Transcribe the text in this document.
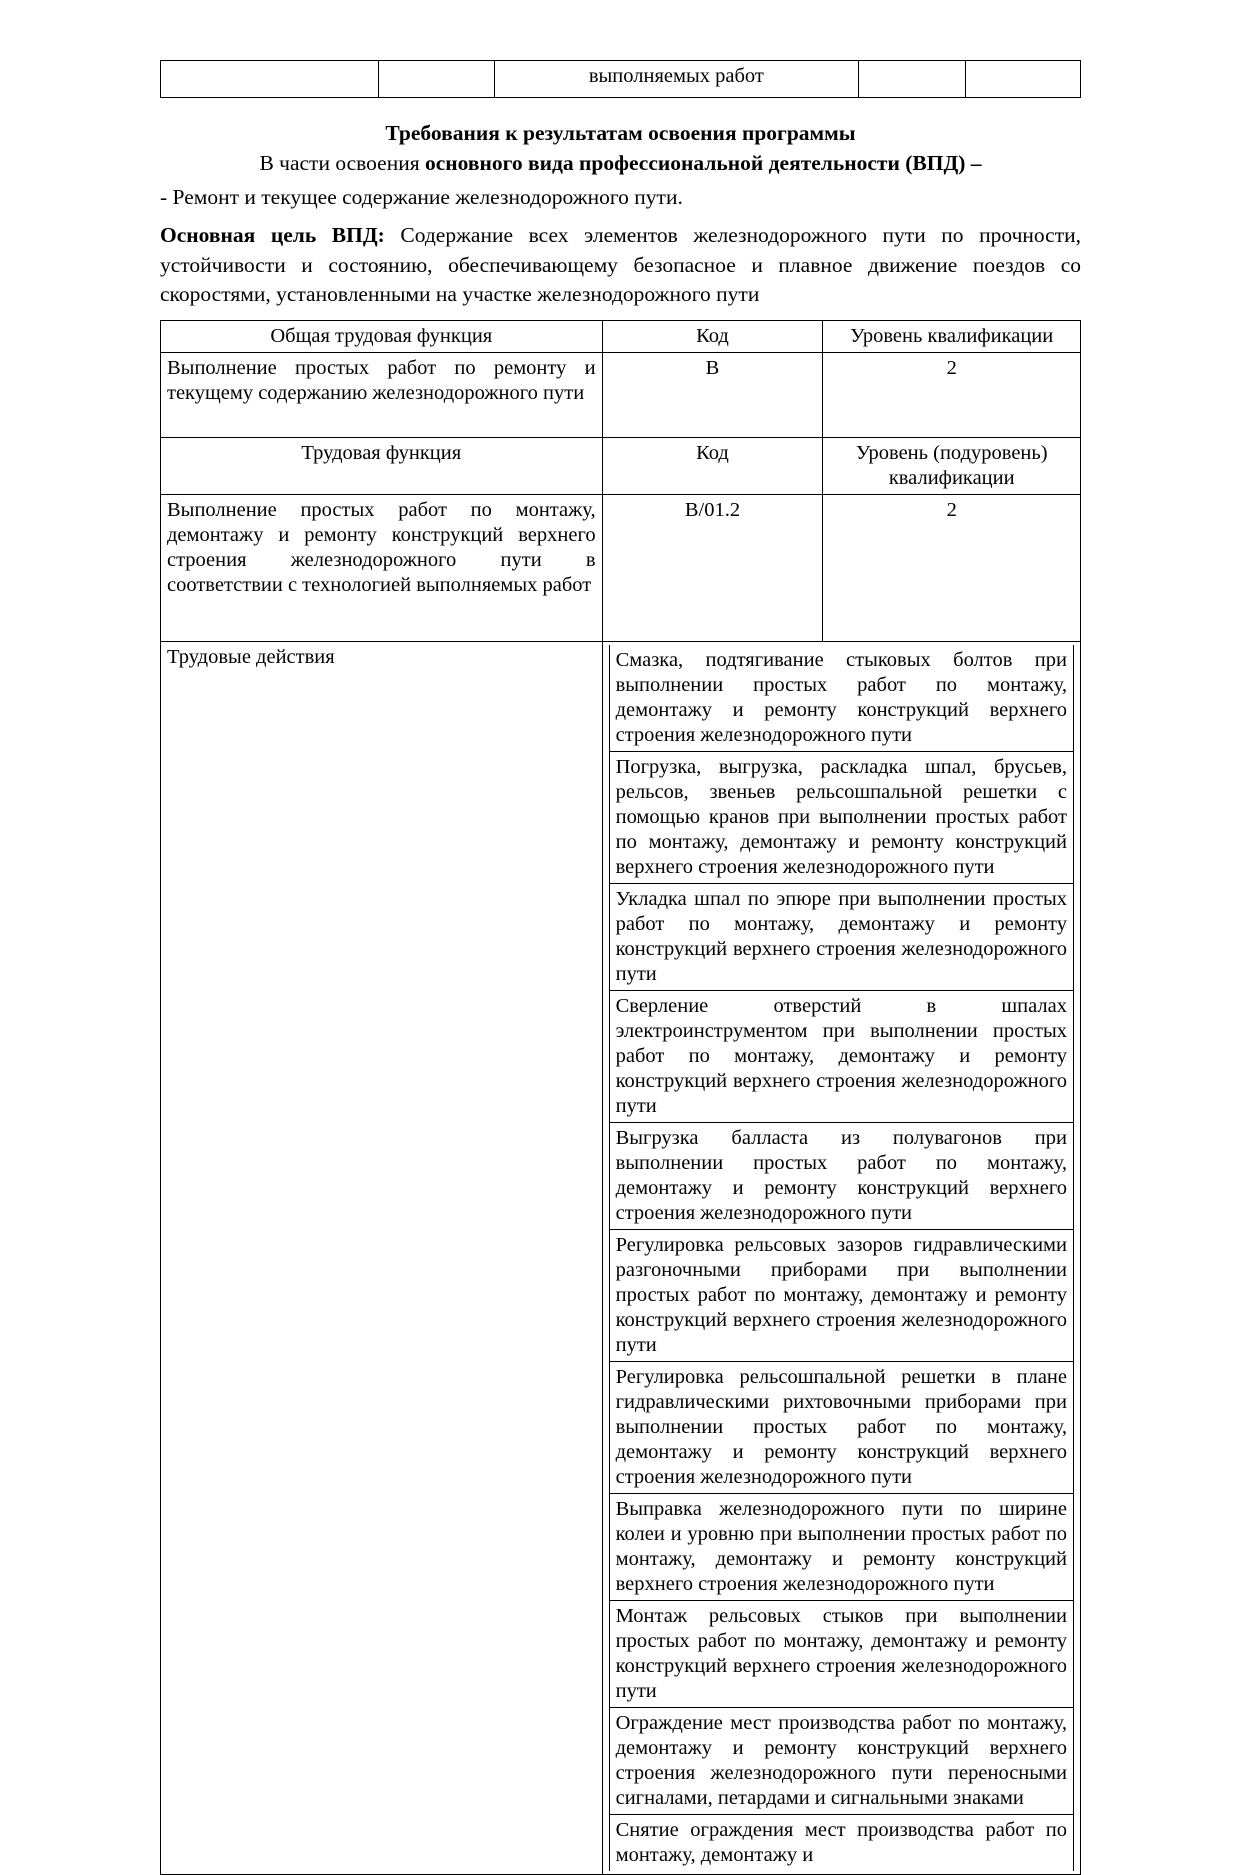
		выполняемых работ		
Требования к результатам освоения программы

В части освоения основного вида профессиональной деятельности (ВПД) –

- Ремонт и текущее содержание железнодорожного пути.

Основная цель ВПД: Содержание всех элементов железнодорожного пути по прочности, устойчивости и состоянию, обеспечивающему безопасное и плавное движение поездов со скоростями, установленными на участке железнодорожного пути

Общая трудовая функция	Код	Уровень квалификации
Выполнение простых работ по ремонту и текущему содержанию железнодорожного пути	В	2
Трудовая функция	Код	Уровень (подуровень) квалификации
Выполнение простых работ по монтажу, демонтажу и ремонту конструкций верхнего строения железнодорожного пути в соответствии с технологией выполняемых работ	В/01.2	2
Трудовые действия		Смазка, подтягивание стыковых болтов при выполнении простых работ по монтажу, демонтажу и ремонту конструкций верхнего строения железнодорожного пути
Погрузка, выгрузка, раскладка шпал, брусьев, рельсов, звеньев рельсошпальной решетки с помощью кранов при выполнении простых работ по монтажу, демонтажу и ремонту конструкций верхнего строения железнодорожного пути
Укладка шпал по эпюре при выполнении простых работ по монтажу, демонтажу и ремонту конструкций верхнего строения железнодорожного пути
Сверление отверстий в шпалах электроинструментом при выполнении простых работ по монтажу, демонтажу и ремонту конструкций верхнего строения железнодорожного пути
Выгрузка балласта из полувагонов при выполнении простых работ по монтажу, демонтажу и ремонту конструкций верхнего строения железнодорожного пути
Регулировка рельсовых зазоров гидравлическими разгоночными приборами при выполнении простых работ по монтажу, демонтажу и ремонту конструкций верхнего строения железнодорожного пути
Регулировка рельсошпальной решетки в плане гидравлическими рихтовочными приборами при выполнении простых работ по монтажу, демонтажу и ремонту конструкций верхнего строения железнодорожного пути
Выправка железнодорожного пути по ширине колеи и уровню при выполнении простых работ по монтажу, демонтажу и ремонту конструкций верхнего строения железнодорожного пути
Монтаж рельсовых стыков при выполнении простых работ по монтажу, демонтажу и ремонту конструкций верхнего строения железнодорожного пути
Ограждение мест производства работ по монтажу, демонтажу и ремонту конструкций верхнего строения железнодорожного пути переносными сигналами, петардами и сигнальными знаками
Снятие ограждения мест производства работ по монтажу, демонтажу и
